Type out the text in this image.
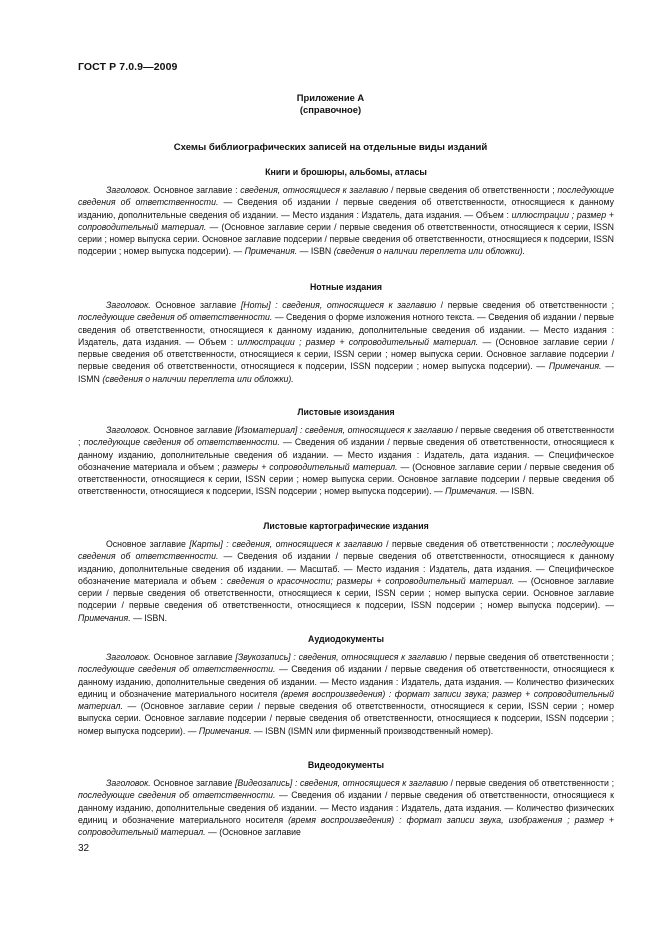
ГОСТ Р 7.0.9—2009
Приложение А
(справочное)
Схемы библиографических записей на отдельные виды изданий
Книги и брошюры, альбомы, атласы

Заголовок. Основное заглавие : сведения, относящиеся к заглавию / первые сведения об ответственности ; последующие сведения об ответственности. — Сведения об издании / первые сведения об ответственности, относящиеся к данному изданию, дополнительные сведения об издании. — Место издания : Издатель, дата издания. — Объем : иллюстрации ; размер + сопроводительный материал. — (Основное заглавие серии / первые сведения об ответственности, относящиеся к серии, ISSN серии ; номер выпуска серии. Основное заглавие подсерии / первые сведения об ответственности, относящиеся к подсерии, ISSN подсерии ; номер выпуска подсерии). — Примечания. — ISBN (сведения о наличии переплета или обложки).

Нотные издания

Заголовок. Основное заглавие [Ноты] : сведения, относящиеся к заглавию / первые сведения об ответственности ; последующие сведения об ответственности. — Сведения о форме изложения нотного текста. — Сведения об издании / первые сведения об ответственности, относящиеся к данному изданию, дополнительные сведения об издании. — Место издания : Издатель, дата издания. — Объем : иллюстрации ; размер + сопроводительный материал. — (Основное заглавие серии / первые сведения об ответственности, относящиеся к серии, ISSN серии ; номер выпуска серии. Основное заглавие подсерии / первые сведения об ответственности, относящиеся к подсерии, ISSN подсерии ; номер выпуска подсерии). — Примечания. — ISMN (сведения о наличии переплета или обложки).

Листовые изоиздания

Заголовок. Основное заглавие [Изоматериал] : сведения, относящиеся к заглавию / первые сведения об ответственности ; последующие сведения об ответственности. — Сведения об издании / первые сведения об ответственности, относящиеся к данному изданию, дополнительные сведения об издании. — Место издания : Издатель, дата издания. — Специфическое обозначение материала и объем ; размеры + сопроводительный материал. — (Основное заглавие серии / первые сведения об ответственности, относящиеся к серии, ISSN серии ; номер выпуска серии. Основное заглавие подсерии / первые сведения об ответственности, относящиеся к подсерии, ISSN подсерии ; номер выпуска подсерии). — Примечания. — ISBN.

Листовые картографические издания

Основное заглавие [Карты] : сведения, относящиеся к заглавию / первые сведения об ответственности ; последующие сведения об ответственности. — Сведения об издании / первые сведения об ответственности, относящиеся к данному изданию, дополнительные сведения об издании. — Масштаб. — Место издания : Издатель, дата издания. — Специфическое обозначение материала и объем : сведения о красочности; размеры + сопроводительный материал. — (Основное заглавие серии / первые сведения об ответственности, относящиеся к серии, ISSN серии ; номер выпуска серии. Основное заглавие подсерии / первые сведения об ответственности, относящиеся к подсерии, ISSN подсерии ; номер выпуска подсерии). — Примечания. — ISBN.

Аудиодокументы

Заголовок. Основное заглавие [Звукозапись] : сведения, относящиеся к заглавию / первые сведения об ответственности ; последующие сведения об ответственности. — Сведения об издании / первые сведения об ответственности, относящиеся к данному изданию, дополнительные сведения об издании. — Место издания : Издатель, дата издания. — Количество физических единиц и обозначение материального носителя (время воспроизведения) : формат записи звука; размер + сопроводительный материал. — (Основное заглавие серии / первые сведения об ответственности, относящиеся к серии, ISSN серии ; номер выпуска серии. Основное заглавие подсерии / первые сведения об ответственности, относящиеся к подсерии, ISSN подсерии ; номер выпуска подсерии). — Примечания. — ISBN (ISMN или фирменный производственный номер).

Видеодокументы

Заголовок. Основное заглавие [Видеозапись] : сведения, относящиеся к заглавию / первые сведения об ответственности ; последующие сведения об ответственности. — Сведения об издании / первые сведения об ответственности, относящиеся к данному изданию, дополнительные сведения об издании. — Место издания : Издатель, дата издания. — Количество физических единиц и обозначение материального носителя (время воспроизведения) : формат записи звука, изображения ; размер + сопроводительный материал. — (Основное заглавие

32
